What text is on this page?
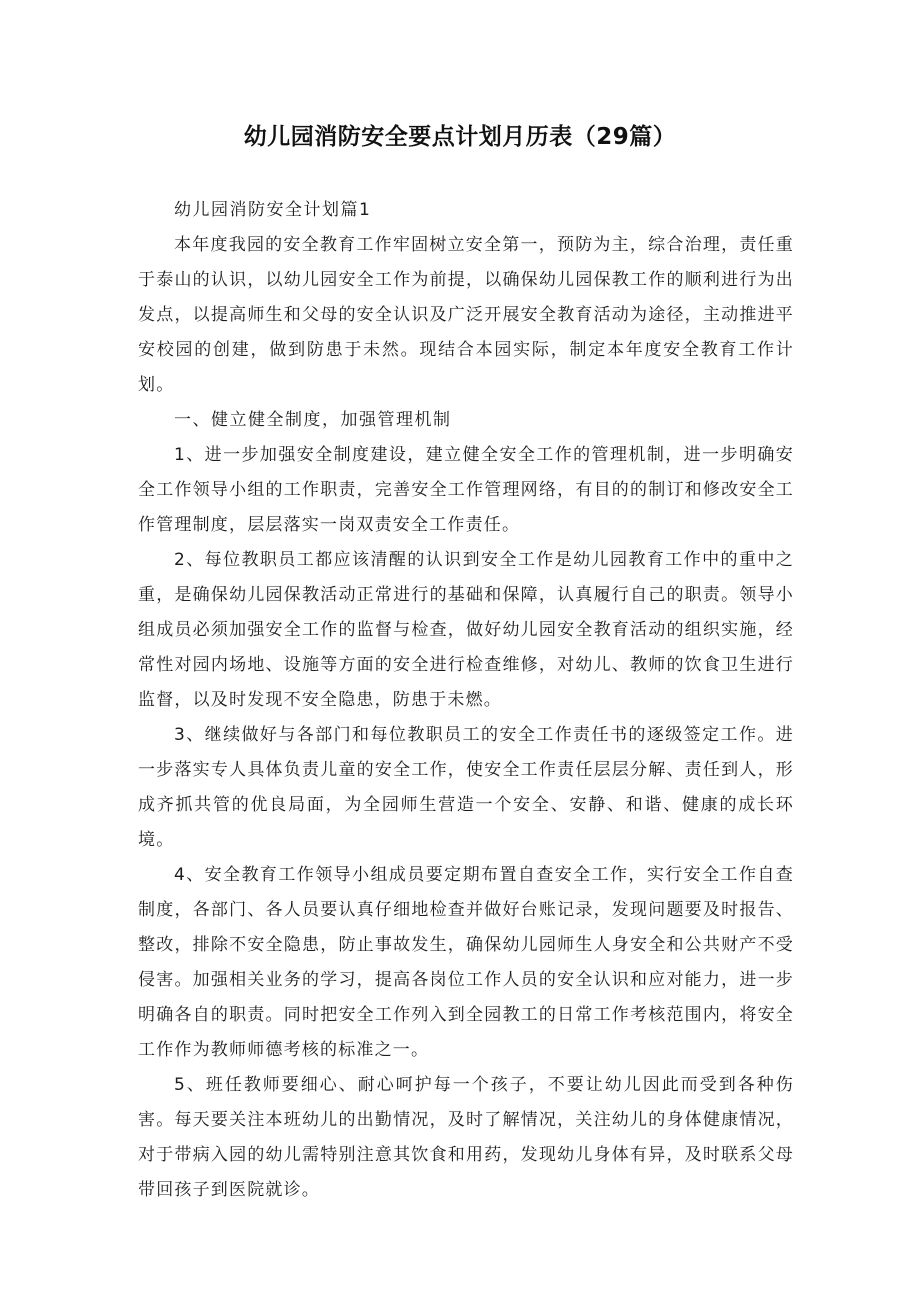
幼儿园消防安全要点计划月历表（29篇）

幼儿园消防安全计划篇1

本年度我园的安全教育工作牢固树立安全第一，预防为主，综合治理，责任重于泰山的认识，以幼儿园安全工作为前提，以确保幼儿园保教工作的顺利进行为出发点，以提高师生和父母的安全认识及广泛开展安全教育活动为途径，主动推进平安校园的创建，做到防患于未然。现结合本园实际，制定本年度安全教育工作计划。

一、健立健全制度，加强管理机制

1、进一步加强安全制度建设，建立健全安全工作的管理机制，进一步明确安全工作领导小组的工作职责，完善安全工作管理网络，有目的的制订和修改安全工作管理制度，层层落实一岗双责安全工作责任。

2、每位教职员工都应该清醒的认识到安全工作是幼儿园教育工作中的重中之重，是确保幼儿园保教活动正常进行的基础和保障，认真履行自己的职责。领导小组成员必须加强安全工作的监督与检查，做好幼儿园安全教育活动的组织实施，经常性对园内场地、设施等方面的安全进行检查维修，对幼儿、教师的饮食卫生进行监督，以及时发现不安全隐患，防患于未燃。

3、继续做好与各部门和每位教职员工的安全工作责任书的逐级签定工作。进一步落实专人具体负责儿童的安全工作，使安全工作责任层层分解、责任到人，形成齐抓共管的优良局面，为全园师生营造一个安全、安静、和谐、健康的成长环境。

4、安全教育工作领导小组成员要定期布置自查安全工作，实行安全工作自查制度，各部门、各人员要认真仔细地检查并做好台账记录，发现问题要及时报告、整改，排除不安全隐患，防止事故发生，确保幼儿园师生人身安全和公共财产不受侵害。加强相关业务的学习，提高各岗位工作人员的安全认识和应对能力，进一步明确各自的职责。同时把安全工作列入到全园教工的日常工作考核范围内，将安全工作作为教师师德考核的标准之一。

5、班任教师要细心、耐心呵护每一个孩子，不要让幼儿因此而受到各种伤害。每天要关注本班幼儿的出勤情况，及时了解情况，关注幼儿的身体健康情况，对于带病入园的幼儿需特别注意其饮食和用药，发现幼儿身体有异，及时联系父母带回孩子到医院就诊。
